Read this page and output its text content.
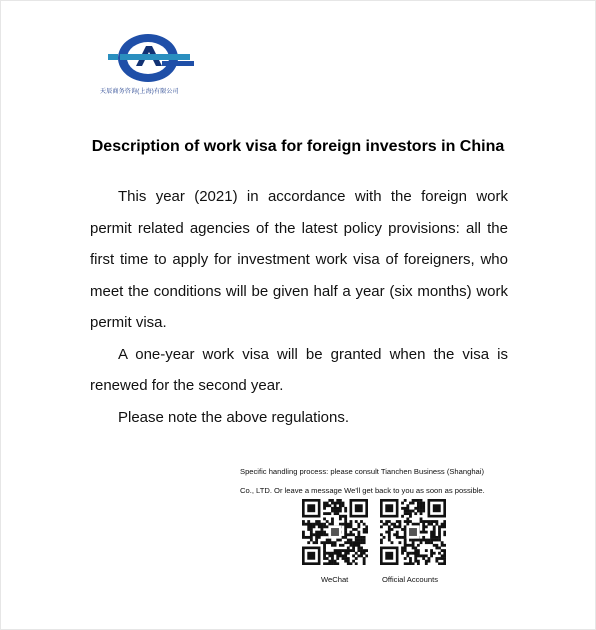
天辰商务咨询(上海)有限公司
Description of work visa for foreign investors in China

This year (2021) in accordance with the foreign work permit related agencies of the latest policy provisions: all the first time to apply for investment work visa of foreigners, who meet the conditions will be given half a year (six months) work permit visa.

A one-year work visa will be granted when the visa is renewed for the second year.

Please note the above regulations.

Specific handling process: please consult Tianchen Business (Shanghai)

Co., LTD. Or leave a message We'll get back to you as soon as possible.

WeChat	Official Accounts
